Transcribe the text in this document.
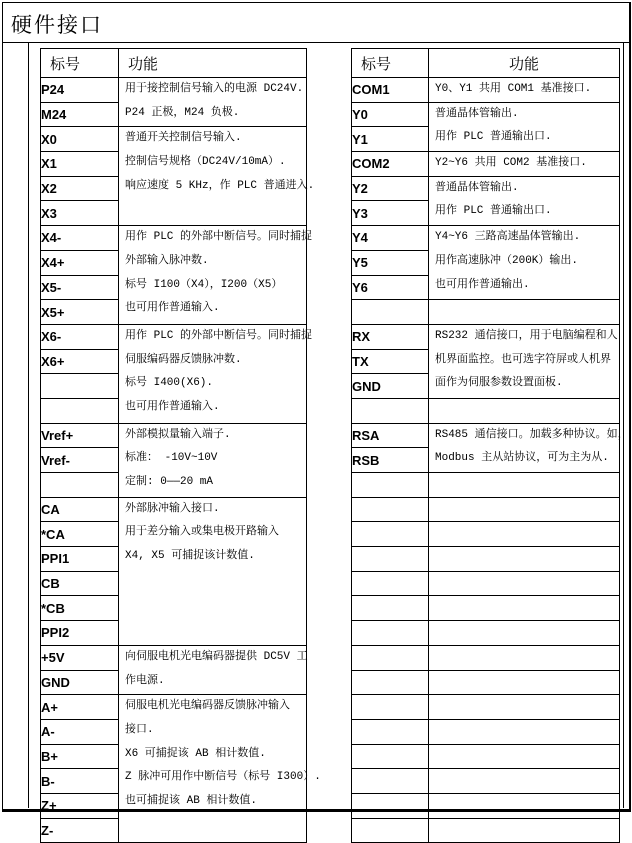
硬件接口
标号	功能
P24	用于接控制信号输入的电源 DC24V.
P24 正极，M24 负极.

M24	
X0	普通开关控制信号输入.
控制信号规格（DC24V/10mA）.
响应速度 5 KHz，作 PLC 普通进入.

X1	
X2	
X3	
X4-	用作 PLC 的外部中断信号。同时捕捉
外部输入脉冲数.
标号 I100（X4），I200（X5）
也可用作普通输入.

X4+	
X5-	
X5+	
X6-	用作 PLC 的外部中断信号。同时捕捉
伺服编码器反馈脉冲数.
标号 I400(X6).
也可用作普通输入.

X6+	

Vref+	外部模拟量输入端子.
标准： -10V~10V
定制: 0——20 mA

Vref-	

CA	外部脉冲输入接口.
用于差分输入或集电极开路输入
X4, X5 可捕捉该计数值.

*CA	
PPI1	
CB	
*CB	
PPI2	
+5V	向伺服电机光电编码器提供 DC5V 工
作电源.

GND	
A+	伺服电机光电编码器反馈脉冲输入
接口.
X6 可捕捉该 AB 相计数值.
Z 脉冲可用作中断信号（标号 I300）.
也可捕捉该 AB 相计数值.

A-	
B+	
B-	
Z+	
Z-	
标号	功能
COM1	Y0、Y1 共用 COM1 基准接口.

Y0	普通晶体管输出.
用作 PLC 普通输出口.

Y1	
COM2	Y2~Y6 共用 COM2 基准接口.

Y2	普通晶体管输出.
用作 PLC 普通输出口.

Y3	
Y4	Y4~Y6 三路高速晶体管输出.
用作高速脉冲（200K）输出.
也可用作普通输出.

Y5	
Y6	

RX	RS232 通信接口，用于电脑编程和人
机界面监控。也可选字符屏或人机界
面作为伺服参数设置面板.

TX	
GND	

RSA	RS485 通信接口。加载多种协议。如，
Modbus 主从站协议，可为主为从.

RSB	
